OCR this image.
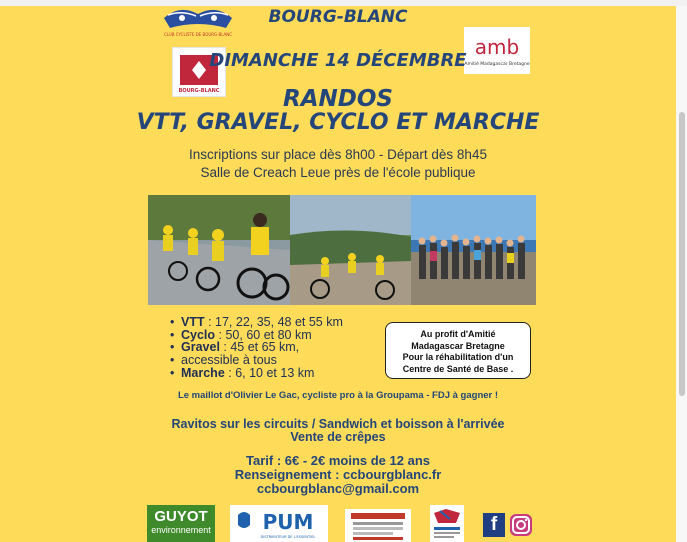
CLUB CYCLISTE DE BOURG-BLANC
BOURG-BLANC
BOURG-BLANC
amb
Amitié Madagascar Bretagne
DIMANCHE 14 DÉCEMBRE
RANDOS
VTT, GRAVEL, CYCLO ET MARCHE
Inscriptions sur place dès 8h00 - Départ dès 8h45
Salle de Creach Leue près de l'école publique
• VTT : 17, 22, 35, 48 et 55 km
• Cyclo : 50, 60 et 80 km
• Gravel : 45 et 65 km,
• accessible à tous
• Marche : 6, 10 et 13 km
Au profit d'Amitié
Madagascar Bretagne
Pour la réhabilitation d'un
Centre de Santé de Base .
Le maillot d'Olivier Le Gac, cycliste pro à la Groupama - FDJ à gagner !
Ravitos sur les circuits / Sandwich et boisson à l'arrivée
Vente de crêpes
Tarif : 6€ - 2€ moins de 12 ans
Renseignement : ccbourgblanc.fr
ccbourgblanc@gmail.com
GUYOT
environnement	PUM
DISTRIBUTEUR DE L'ESSENTIEL
f
